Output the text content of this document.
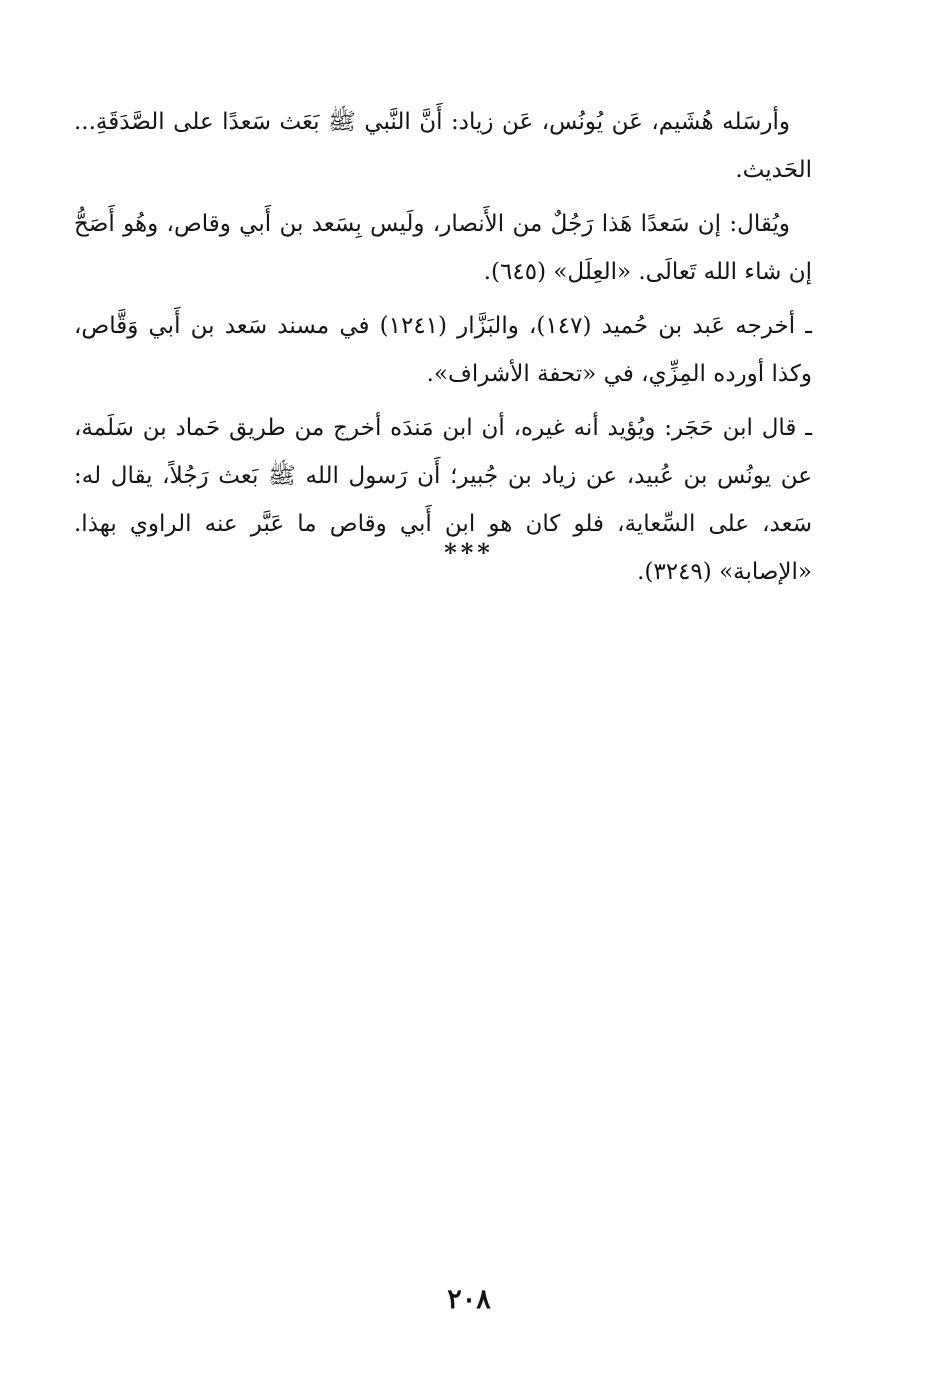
وأرسَله هُشَيم، عَن يُونُس، عَن زياد: أَنَّ النَّبي ﷺ بَعَث سَعدًا على الصَّدَقَةِ... الحَديث.

ويُقال: إن سَعدًا هَذا رَجُلٌ من الأَنصار، ولَيس بِسَعد بن أَبي وقاص، وهُو أَصَحُّ إن شاء الله تَعالَى. «العِلَل» (٦٤٥).

ـ أخرجه عَبد بن حُميد (١٤٧)، والبَزَّار (١٢٤١) في مسند سَعد بن أَبي وَقَّاص، وكذا أورده المِزِّي، في «تحفة الأشراف».

ـ قال ابن حَجَر: ويُؤيد أنه غيره، أن ابن مَندَه أخرج من طريق حَماد بن سَلَمة، عن يونُس بن عُبيد، عن زياد بن جُبير؛ أَن رَسول الله ﷺ بَعث رَجُلاً، يقال له: سَعد، على السِّعاية، فلو كان هو ابن أَبي وقاص ما عَبَّر عنه الراوي بهذا. «الإصابة» (٣٢٤٩).

***
٢٠٨
